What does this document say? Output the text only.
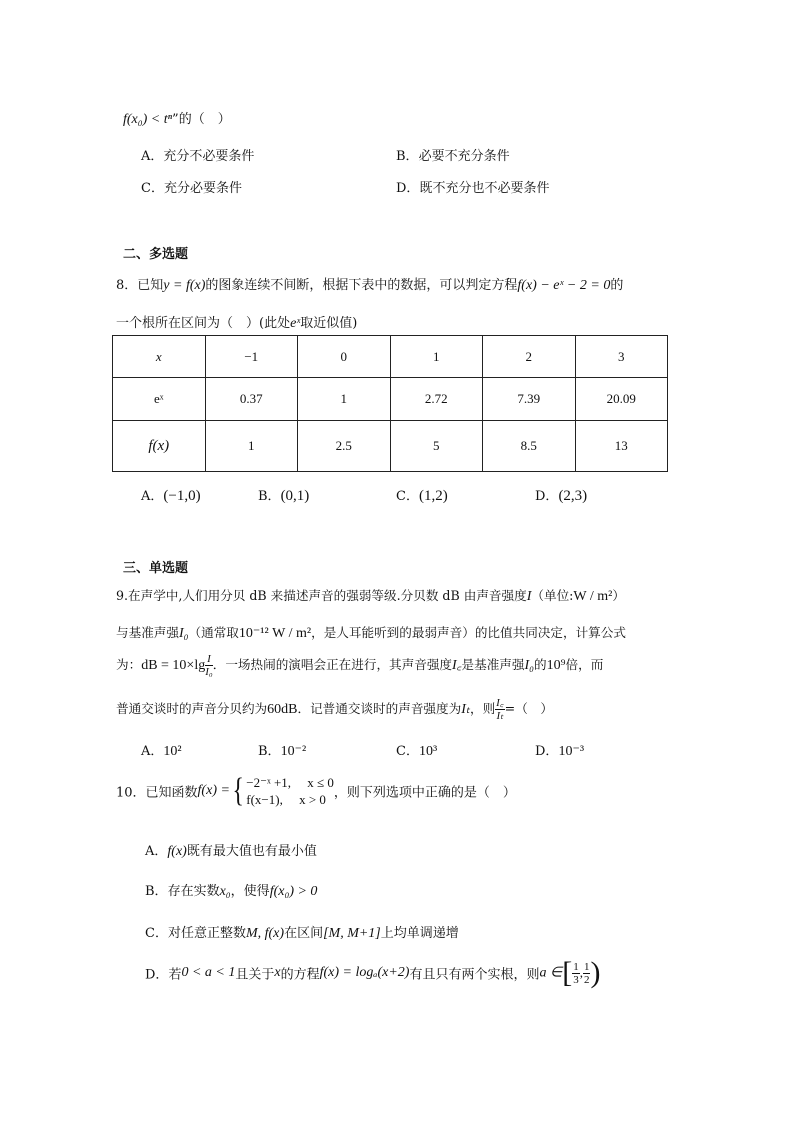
f(x₀) < tⁿ”的（　）
A．充分不必要条件	B．必要不充分条件
C．充分必要条件	D．既不充分也不必要条件
二、多选题
8．已知y = f(x)的图象连续不间断，根据下表中的数据，可以判定方程f(x) − eˣ − 2 = 0的
一个根所在区间为（　）(此处eˣ取近似值)
x	−1	0	1	2	3
eˣ	0.37	1	2.72	7.39	20.09
f(x)	1	2.5	5	8.5	13
A．(−1,0)	B．(0,1)	C．(1,2)	D．(2,3)
三、单选题
9.在声学中,人们用分贝 dB 来描述声音的强弱等级.分贝数 dB 由声音强度I（单位:W / m²）
与基准声强I₀（通常取10⁻¹² W / m²，是人耳能听到的最弱声音）的比值共同决定，计算公式
为：dB = $10\times\lg \frac{I}{\text{I₀}}$ ．一场热闹的演唱会正在进行，其声音强度I꜀是基准声强I₀的10⁹倍，而
普通交谈时的声音分贝约为60dB．记普通交谈时的声音强度为Iₜ，则 $\frac{I꜀}{\text{Iₜ}}$ =（　）
A．10²	B．10⁻²	C．10³	D．10⁻³
10．已知函数f(x) ={ −2⁻ˣ +1,　 x ≤ 0
f(x−1),　 x > 0 ，则下列选项中正确的是（　）
A．f(x)既有最大值也有最小值
B．存在实数x₀，使得f(x₀) > 0
C．对任意正整数M, f(x)在区间[M, M+1]上均单调递增
D．若0 < a < 1且关于x的方程f(x) = logₐ(x+2)有且只有两个实根，则a ∈[ $\frac{1}{3}$ , $\frac{1}{2}$ )
